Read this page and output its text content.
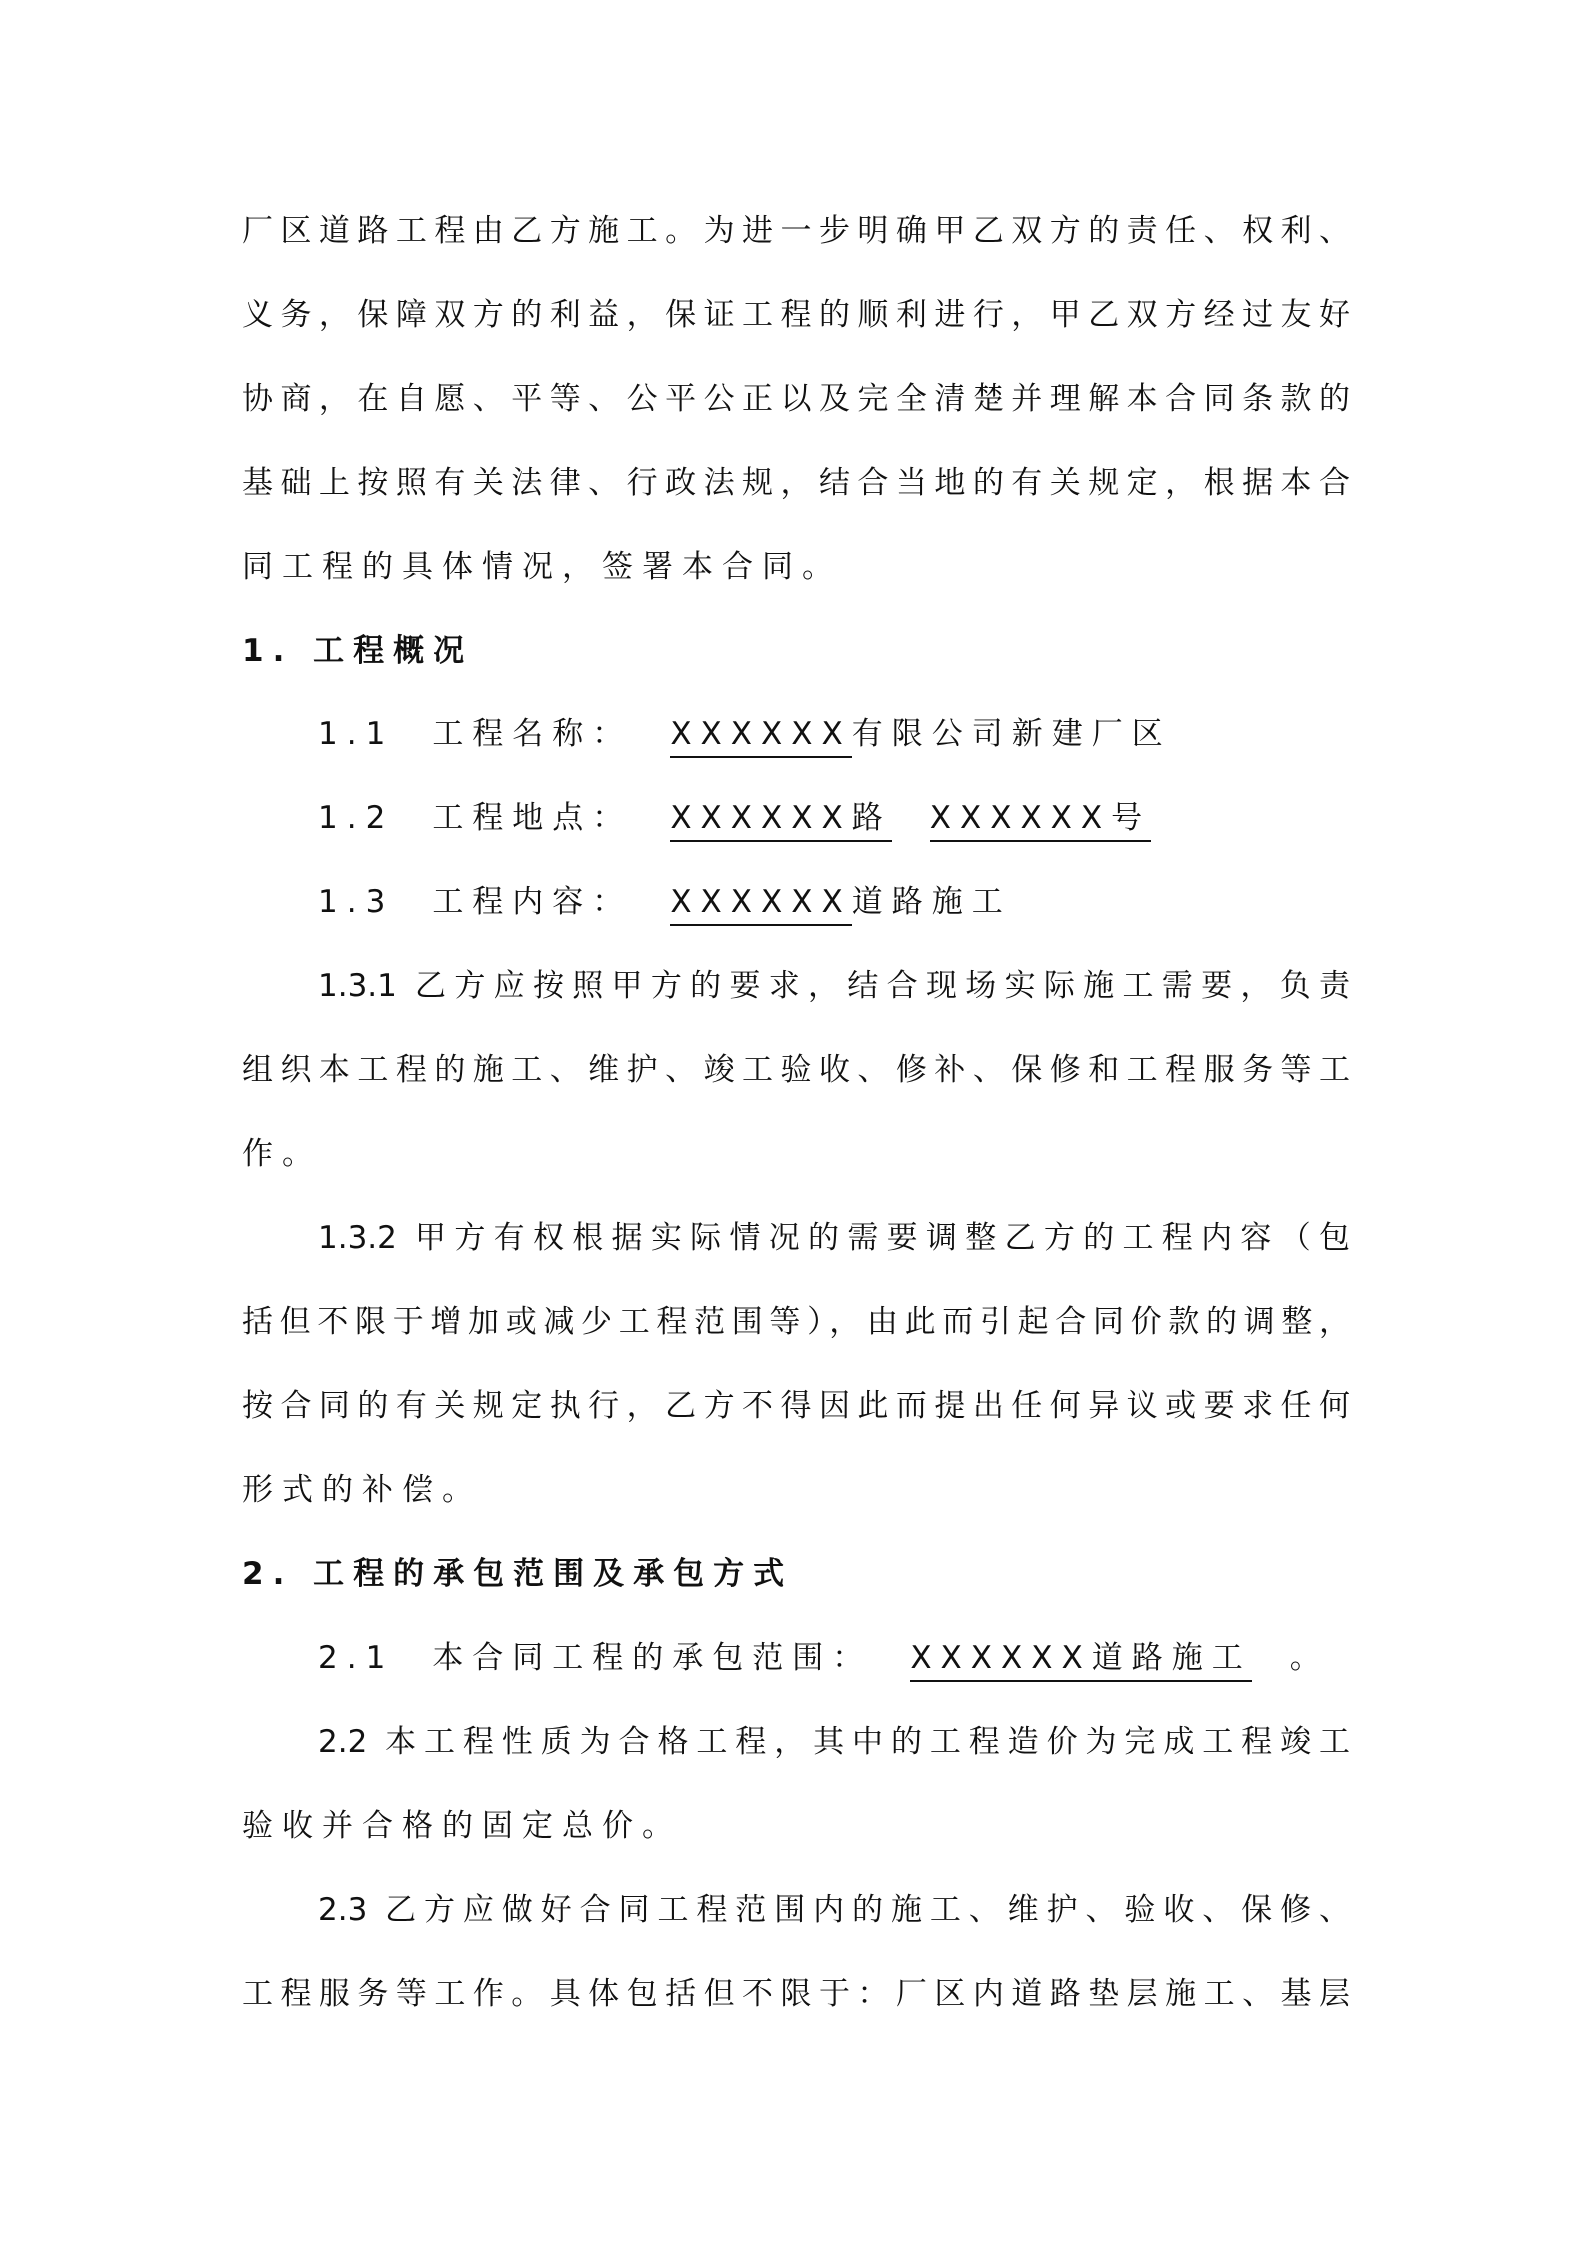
厂区道路工程由乙方施工。为进一步明确甲乙双方的责任、权利、
义务，保障双方的利益，保证工程的顺利进行，甲乙双方经过友好
协商，在自愿、平等、公平公正以及完全清楚并理解本合同条款的
基础上按照有关法律、行政法规，结合当地的有关规定，根据本合
同工程的具体情况，签署本合同。
1. 工程概况
1.1 工程名称： XXXXXX有限公司新建厂区
1.2 工程地点： XXXXXX路 XXXXXX号
1.3 工程内容： XXXXXX道路施工
1.3.1 乙方应按照甲方的要求，结合现场实际施工需要，负责
组织本工程的施工、维护、竣工验收、修补、保修和工程服务等工
作。
1.3.2 甲方有权根据实际情况的需要调整乙方的工程内容（包
括但不限于增加或减少工程范围等），由此而引起合同价款的调整，
按合同的有关规定执行，乙方不得因此而提出任何异议或要求任何
形式的补偿。
2. 工程的承包范围及承包方式
2.1 本合同工程的承包范围： XXXXXX道路施工 。
2.2 本工程性质为合格工程，其中的工程造价为完成工程竣工
验收并合格的固定总价。
2.3 乙方应做好合同工程范围内的施工、维护、验收、保修、
工程服务等工作。具体包括但不限于：厂区内道路垫层施工、基层
